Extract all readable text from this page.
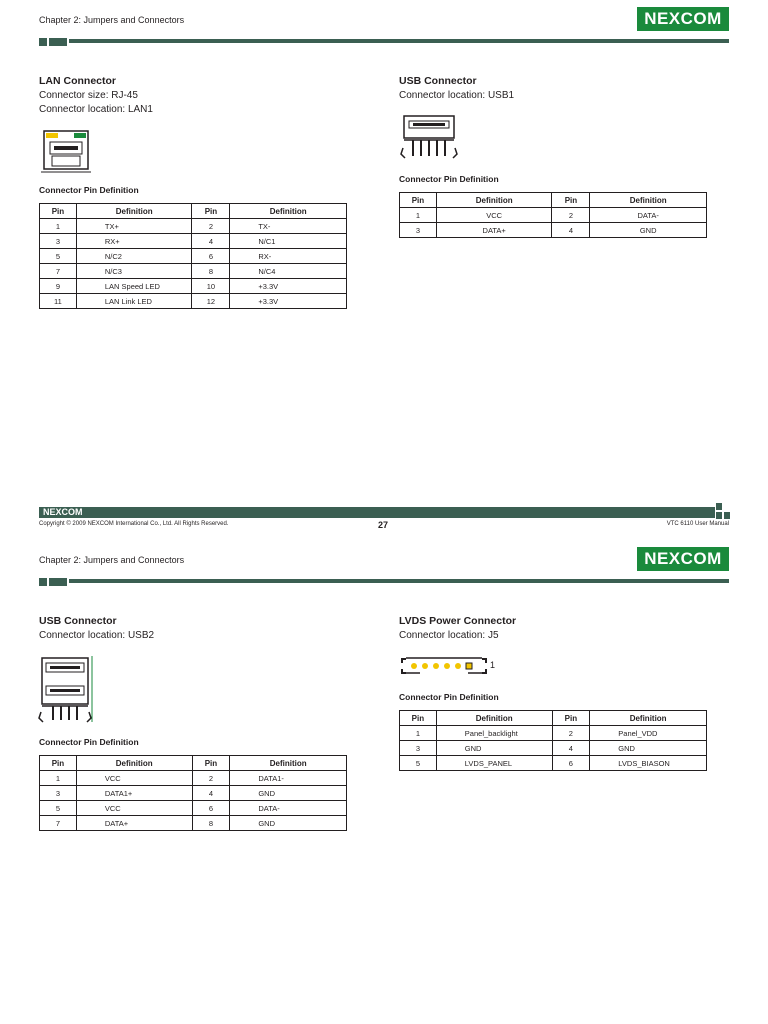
Chapter 2: Jumpers and Connectors	NEXCOM
LAN Connector
Connector size: RJ-45
Connector location: LAN1
Connector Pin Definition
Pin	Definition	Pin	Definition
1	TX+	2	TX-
3	RX+	4	N/C1
5	N/C2	6	RX-
7	N/C3	8	N/C4
9	LAN Speed LED	10	+3.3V
11	LAN Link LED	12	+3.3V
USB Connector
Connector location: USB1
Connector Pin Definition
Pin	Definition	Pin	Definition
1	VCC	2	DATA-
3	DATA+	4	GND
NEXCOM
Copyright © 2009 NEXCOM International Co., Ltd. All Rights Reserved.	27	VTC 6110 User Manual
Chapter 2: Jumpers and Connectors	NEXCOM
USB Connector
Connector location: USB2
Connector Pin Definition
Pin	Definition	Pin	Definition
1	VCC	2	DATA1-
3	DATA1+	4	GND
5	VCC	6	DATA-
7	DATA+	8	GND
LVDS Power Connector
Connector location: J5
1
Connector Pin Definition
Pin	Definition	Pin	Definition
1	Panel_backlight	2	Panel_VDD
3	GND	4	GND
5	LVDS_PANEL	6	LVDS_BIASON
